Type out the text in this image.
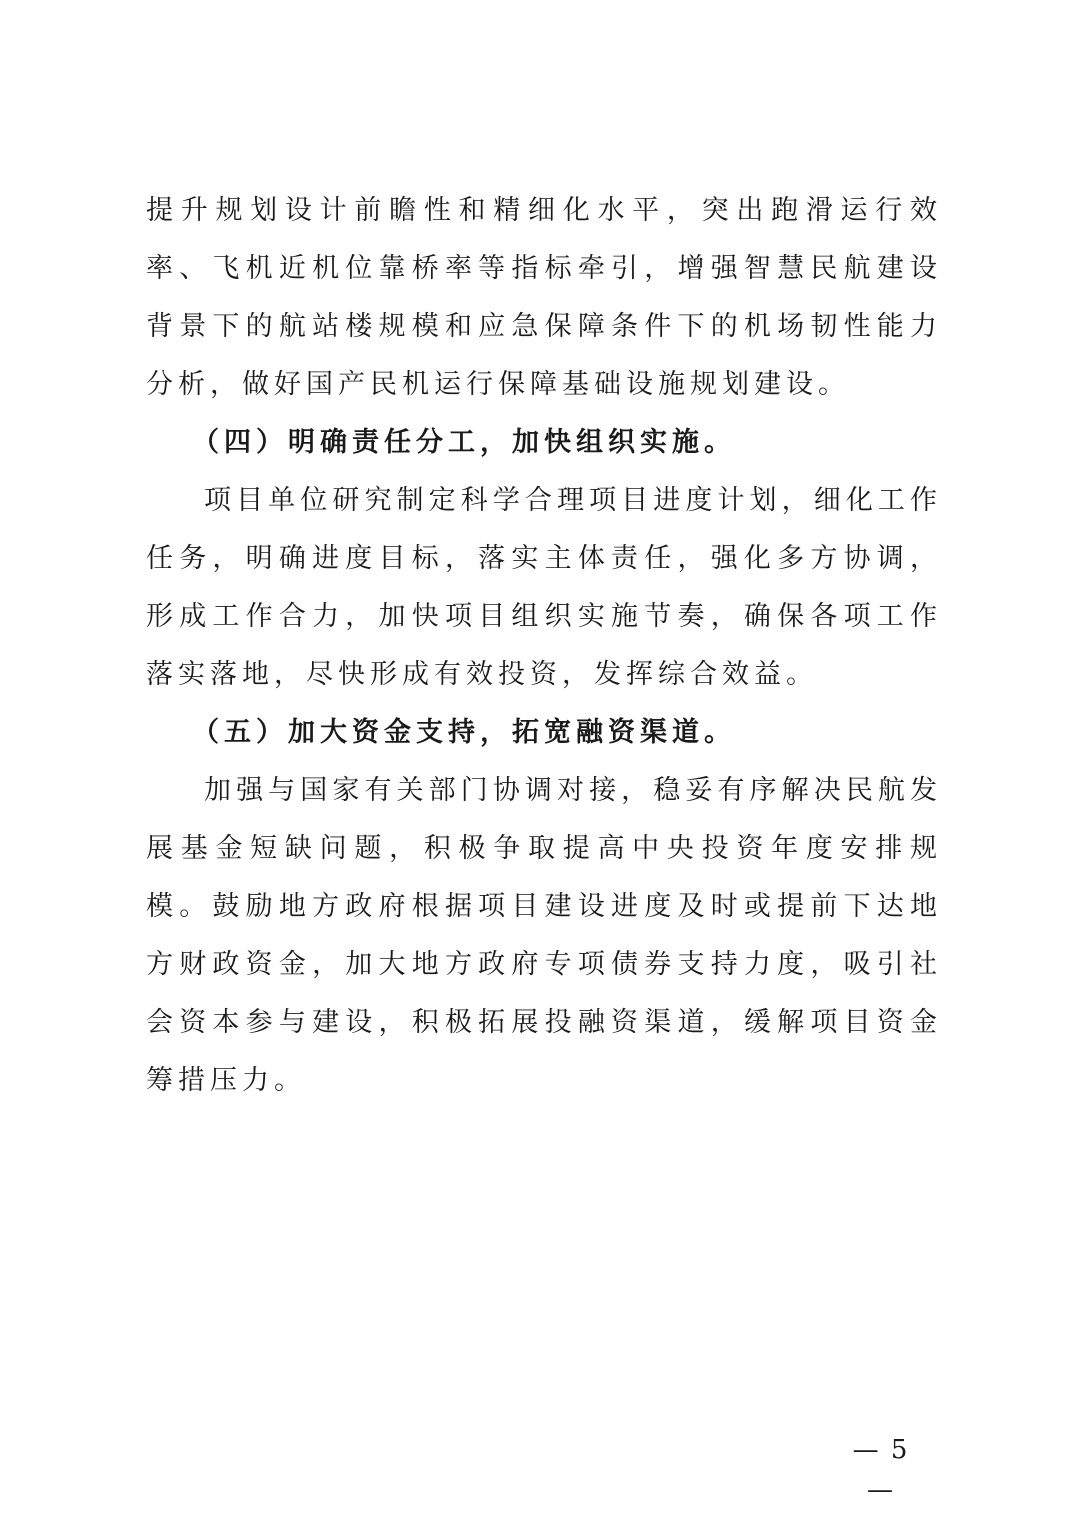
提升规划设计前瞻性和精细化水平，突出跑滑运行效率、飞机近机位靠桥率等指标牵引，增强智慧民航建设背景下的航站楼规模和应急保障条件下的机场韧性能力分析，做好国产民机运行保障基础设施规划建设。

（四）明确责任分工，加快组织实施。

项目单位研究制定科学合理项目进度计划，细化工作任务，明确进度目标，落实主体责任，强化多方协调，形成工作合力，加快项目组织实施节奏，确保各项工作落实落地，尽快形成有效投资，发挥综合效益。

（五）加大资金支持，拓宽融资渠道。

加强与国家有关部门协调对接，稳妥有序解决民航发展基金短缺问题，积极争取提高中央投资年度安排规模。鼓励地方政府根据项目建设进度及时或提前下达地方财政资金，加大地方政府专项债券支持力度，吸引社会资本参与建设，积极拓展投融资渠道，缓解项目资金筹措压力。

— 5 —
